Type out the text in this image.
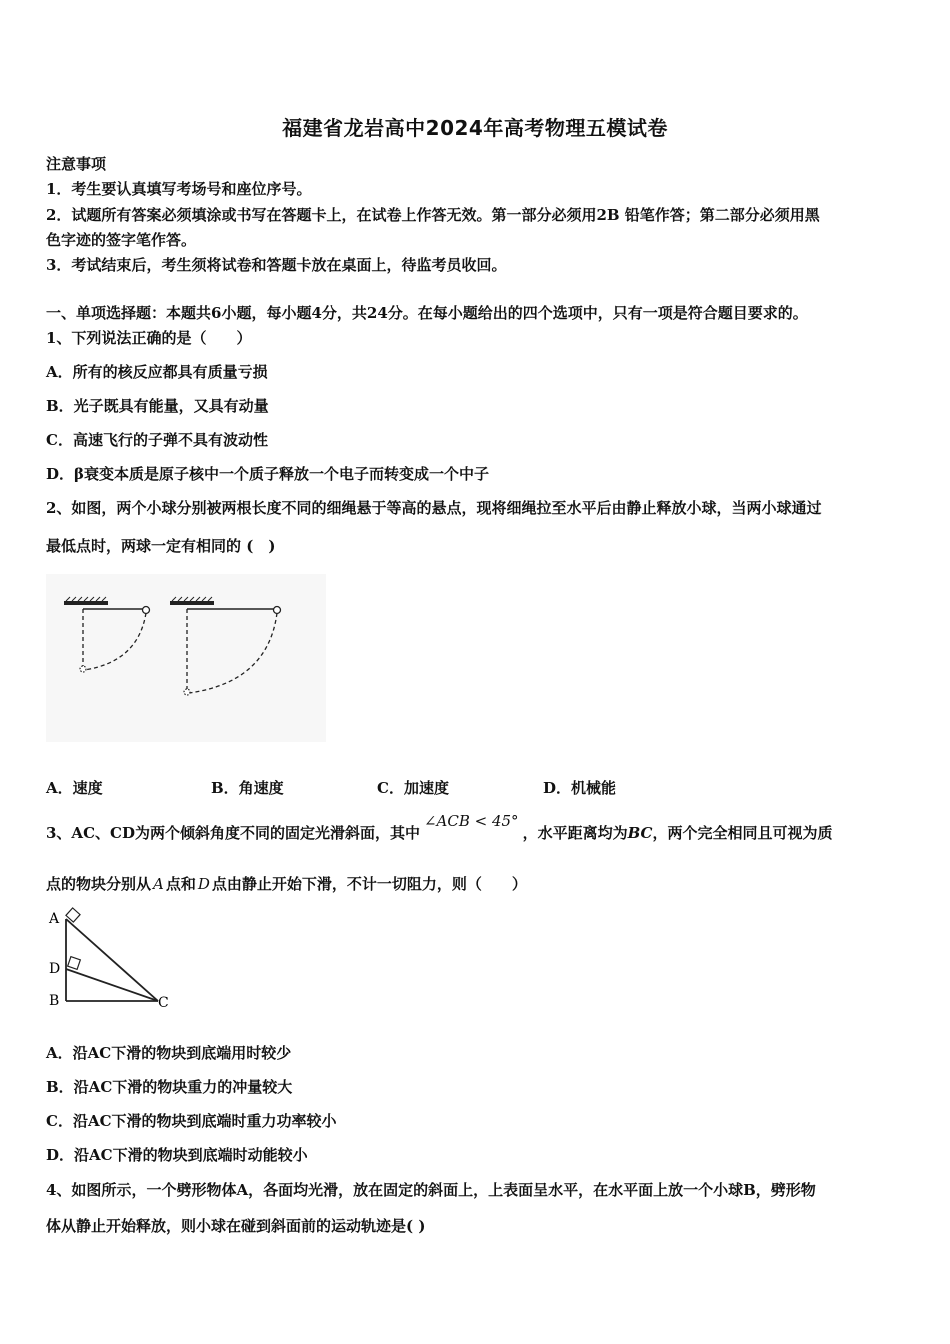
福建省龙岩高中2024年高考物理五模试卷
注意事项
1．考生要认真填写考场号和座位序号。
2．试题所有答案必须填涂或书写在答题卡上，在试卷上作答无效。第一部分必须用2B 铅笔作答；第二部分必须用黑
色字迹的签字笔作答。
3．考试结束后，考生须将试卷和答题卡放在桌面上，待监考员收回。
一、单项选择题：本题共6小题，每小题4分，共24分。在每小题给出的四个选项中，只有一项是符合题目要求的。
1、下列说法正确的是（　　）
A．所有的核反应都具有质量亏损
B．光子既具有能量，又具有动量
C．高速飞行的子弹不具有波动性
D．β衰变本质是原子核中一个质子释放一个电子而转变成一个中子
2、如图，两个小球分别被两根长度不同的细绳悬于等高的悬点，现将细绳拉至水平后由静止释放小球，当两小球通过
最低点时，两球一定有相同的 (　)
A．速度	B．角速度	C．加速度	D．机械能
3、AC、CD为两个倾斜角度不同的固定光滑斜面，其中∠ACB < 45°，水平距离均为BC，两个完全相同且可视为质
点的物块分别从 A 点和 D 点由静止开始下滑，不计一切阻力，则（　　）
A
D
B	C
A．沿AC下滑的物块到底端用时较少
B．沿AC下滑的物块重力的冲量较大
C．沿AC下滑的物块到底端时重力功率较小
D．沿AC下滑的物块到底端时动能较小
4、如图所示，一个劈形物体A，各面均光滑，放在固定的斜面上，上表面呈水平，在水平面上放一个小球B，劈形物
体从静止开始释放，则小球在碰到斜面前的运动轨迹是( )
